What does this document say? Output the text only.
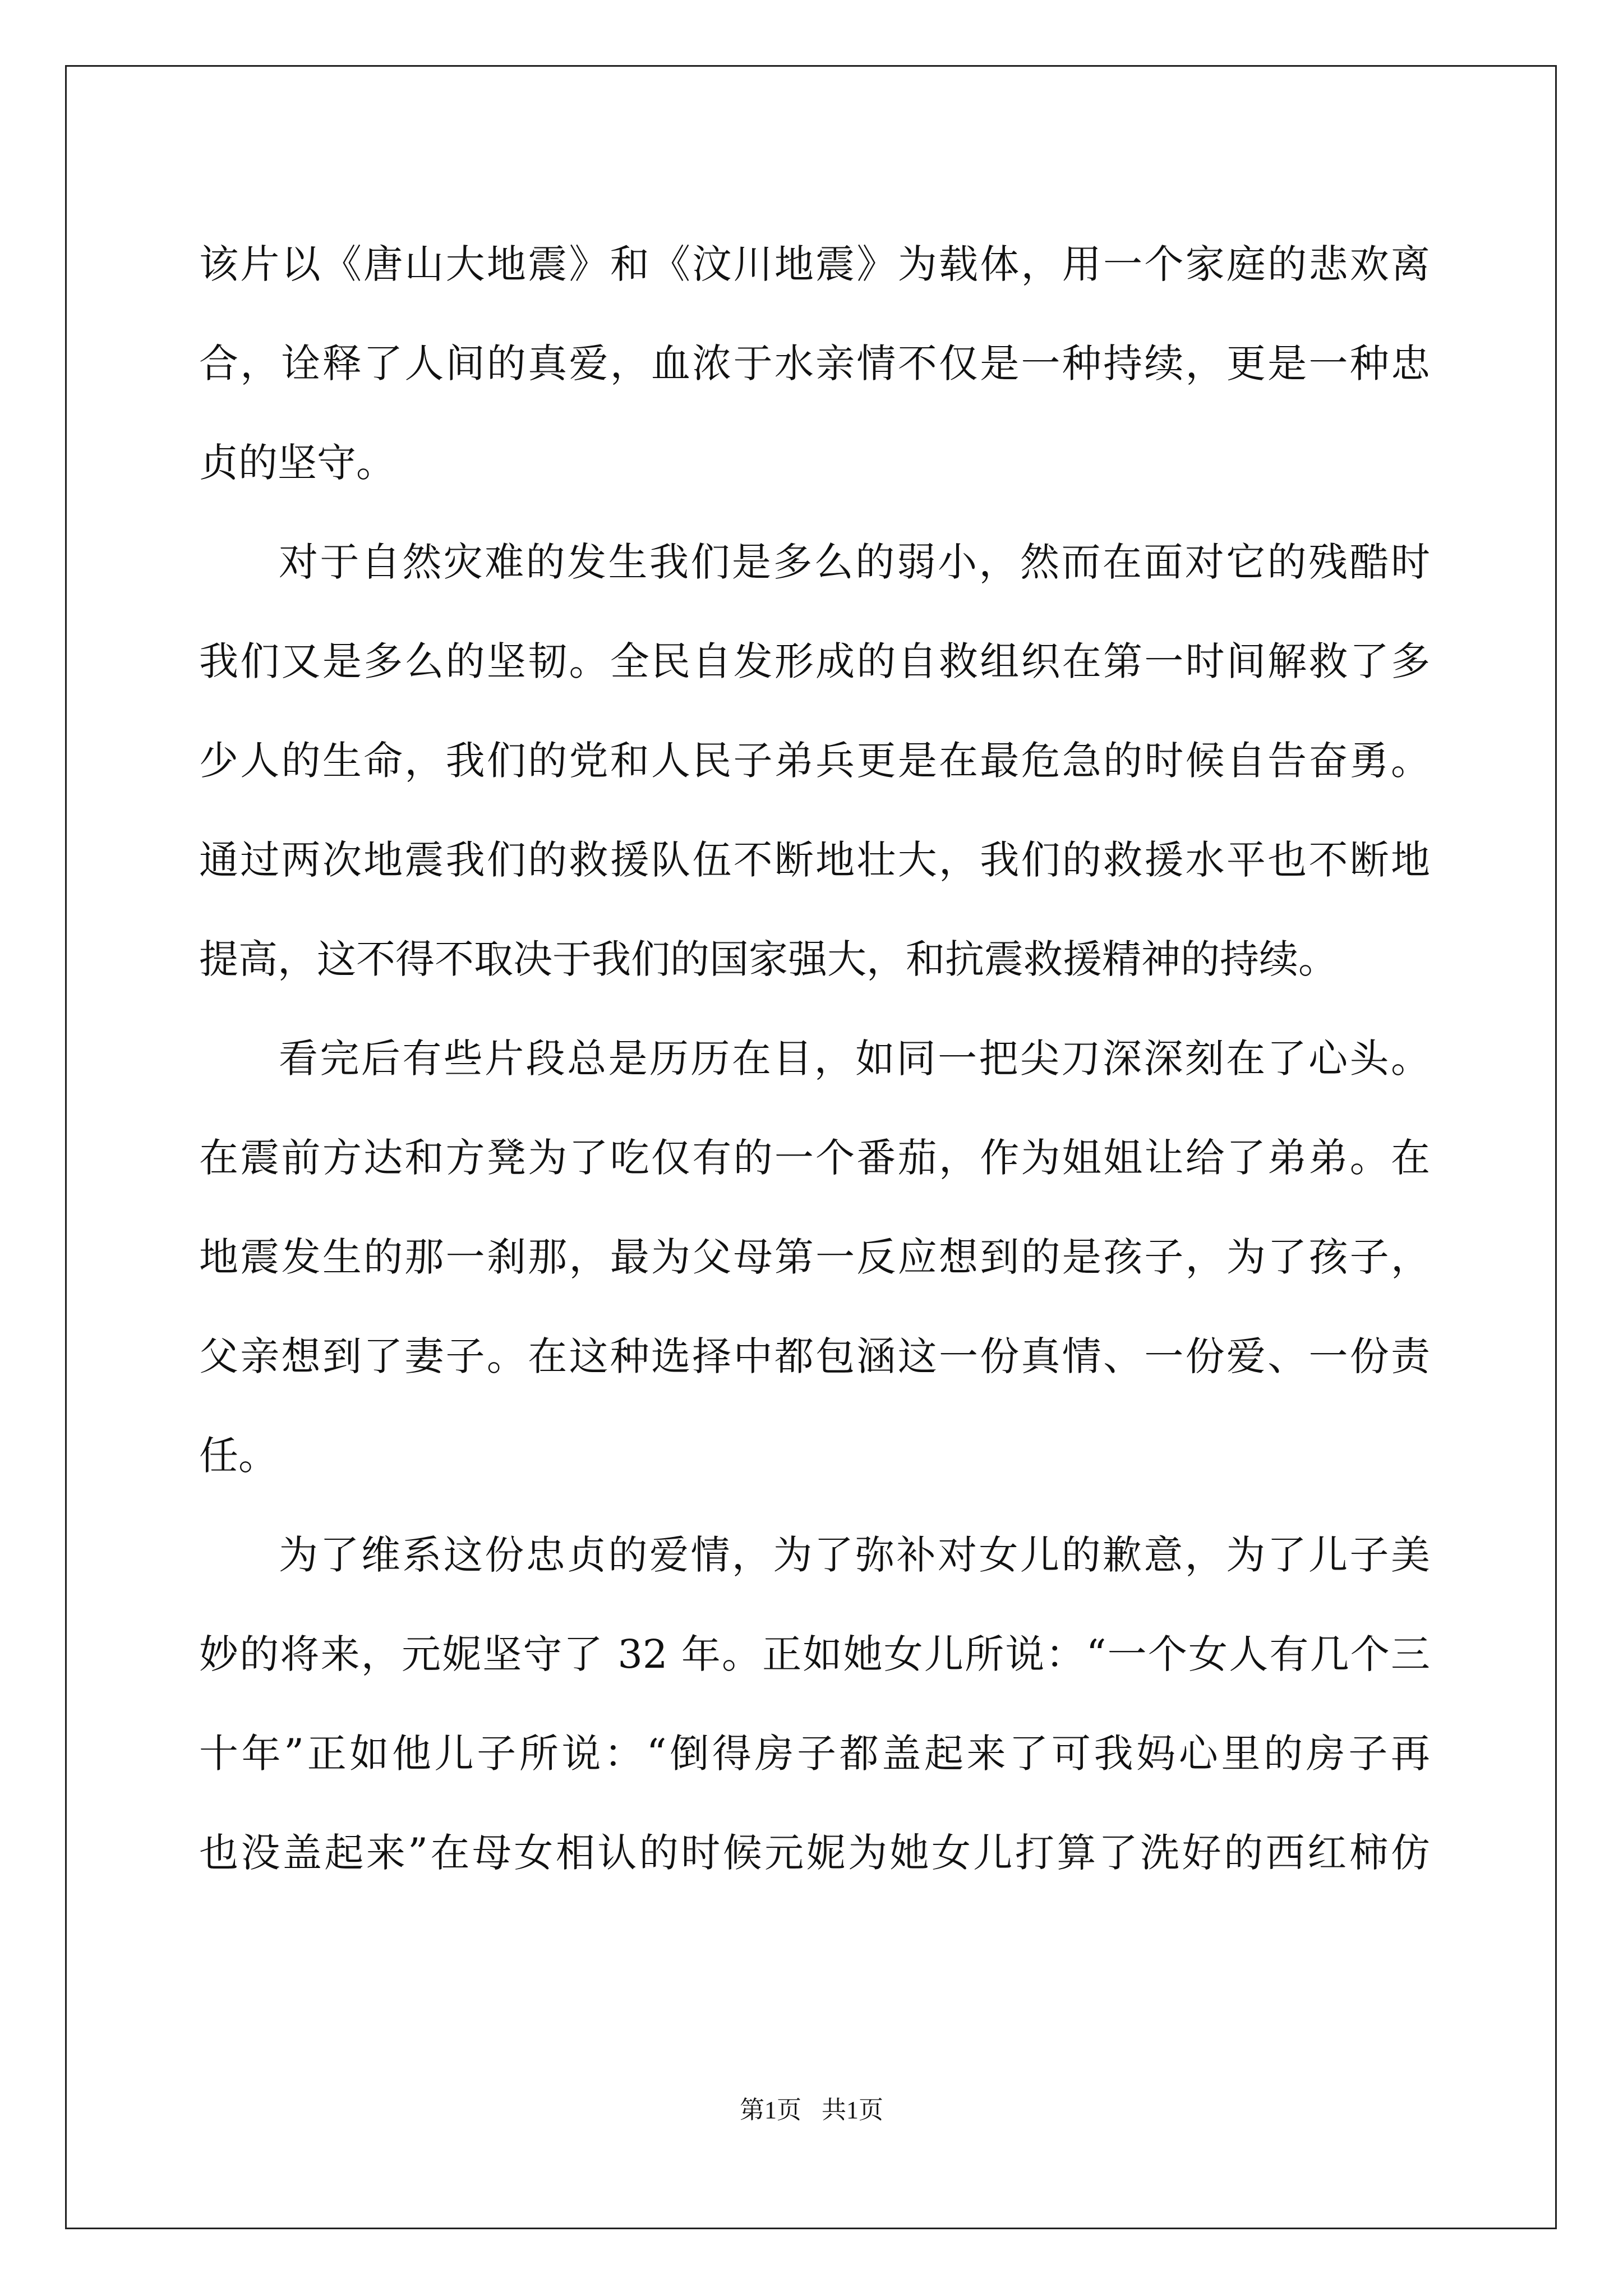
该片以《唐山大地震》和《汶川地震》为载体，用一个家庭的悲欢离
合，诠释了人间的真爱，血浓于水亲情不仅是一种持续，更是一种忠
贞的坚守。
对于自然灾难的发生我们是多么的弱小，然而在面对它的残酷时
我们又是多么的坚韧。全民自发形成的自救组织在第一时间解救了多
少人的生命，我们的党和人民子弟兵更是在最危急的时候自告奋勇。
通过两次地震我们的救援队伍不断地壮大，我们的救援水平也不断地
提高，这不得不取决于我们的国家强大，和抗震救援精神的持续。
看完后有些片段总是历历在目，如同一把尖刀深深刻在了心头。
在震前方达和方凳为了吃仅有的一个番茄，作为姐姐让给了弟弟。在
地震发生的那一刹那，最为父母第一反应想到的是孩子，为了孩子，
父亲想到了妻子。在这种选择中都包涵这一份真情、一份爱、一份责
任。
为了维系这份忠贞的爱情，为了弥补对女儿的歉意，为了儿子美
妙的将来，元妮坚守了 32 年。正如她女儿所说：“一个女人有几个三
十年”正如他儿子所说：“倒得房子都盖起来了可我妈心里的房子再
也没盖起来”在母女相认的时候元妮为她女儿打算了洗好的西红柿仿
第1页 共1页
